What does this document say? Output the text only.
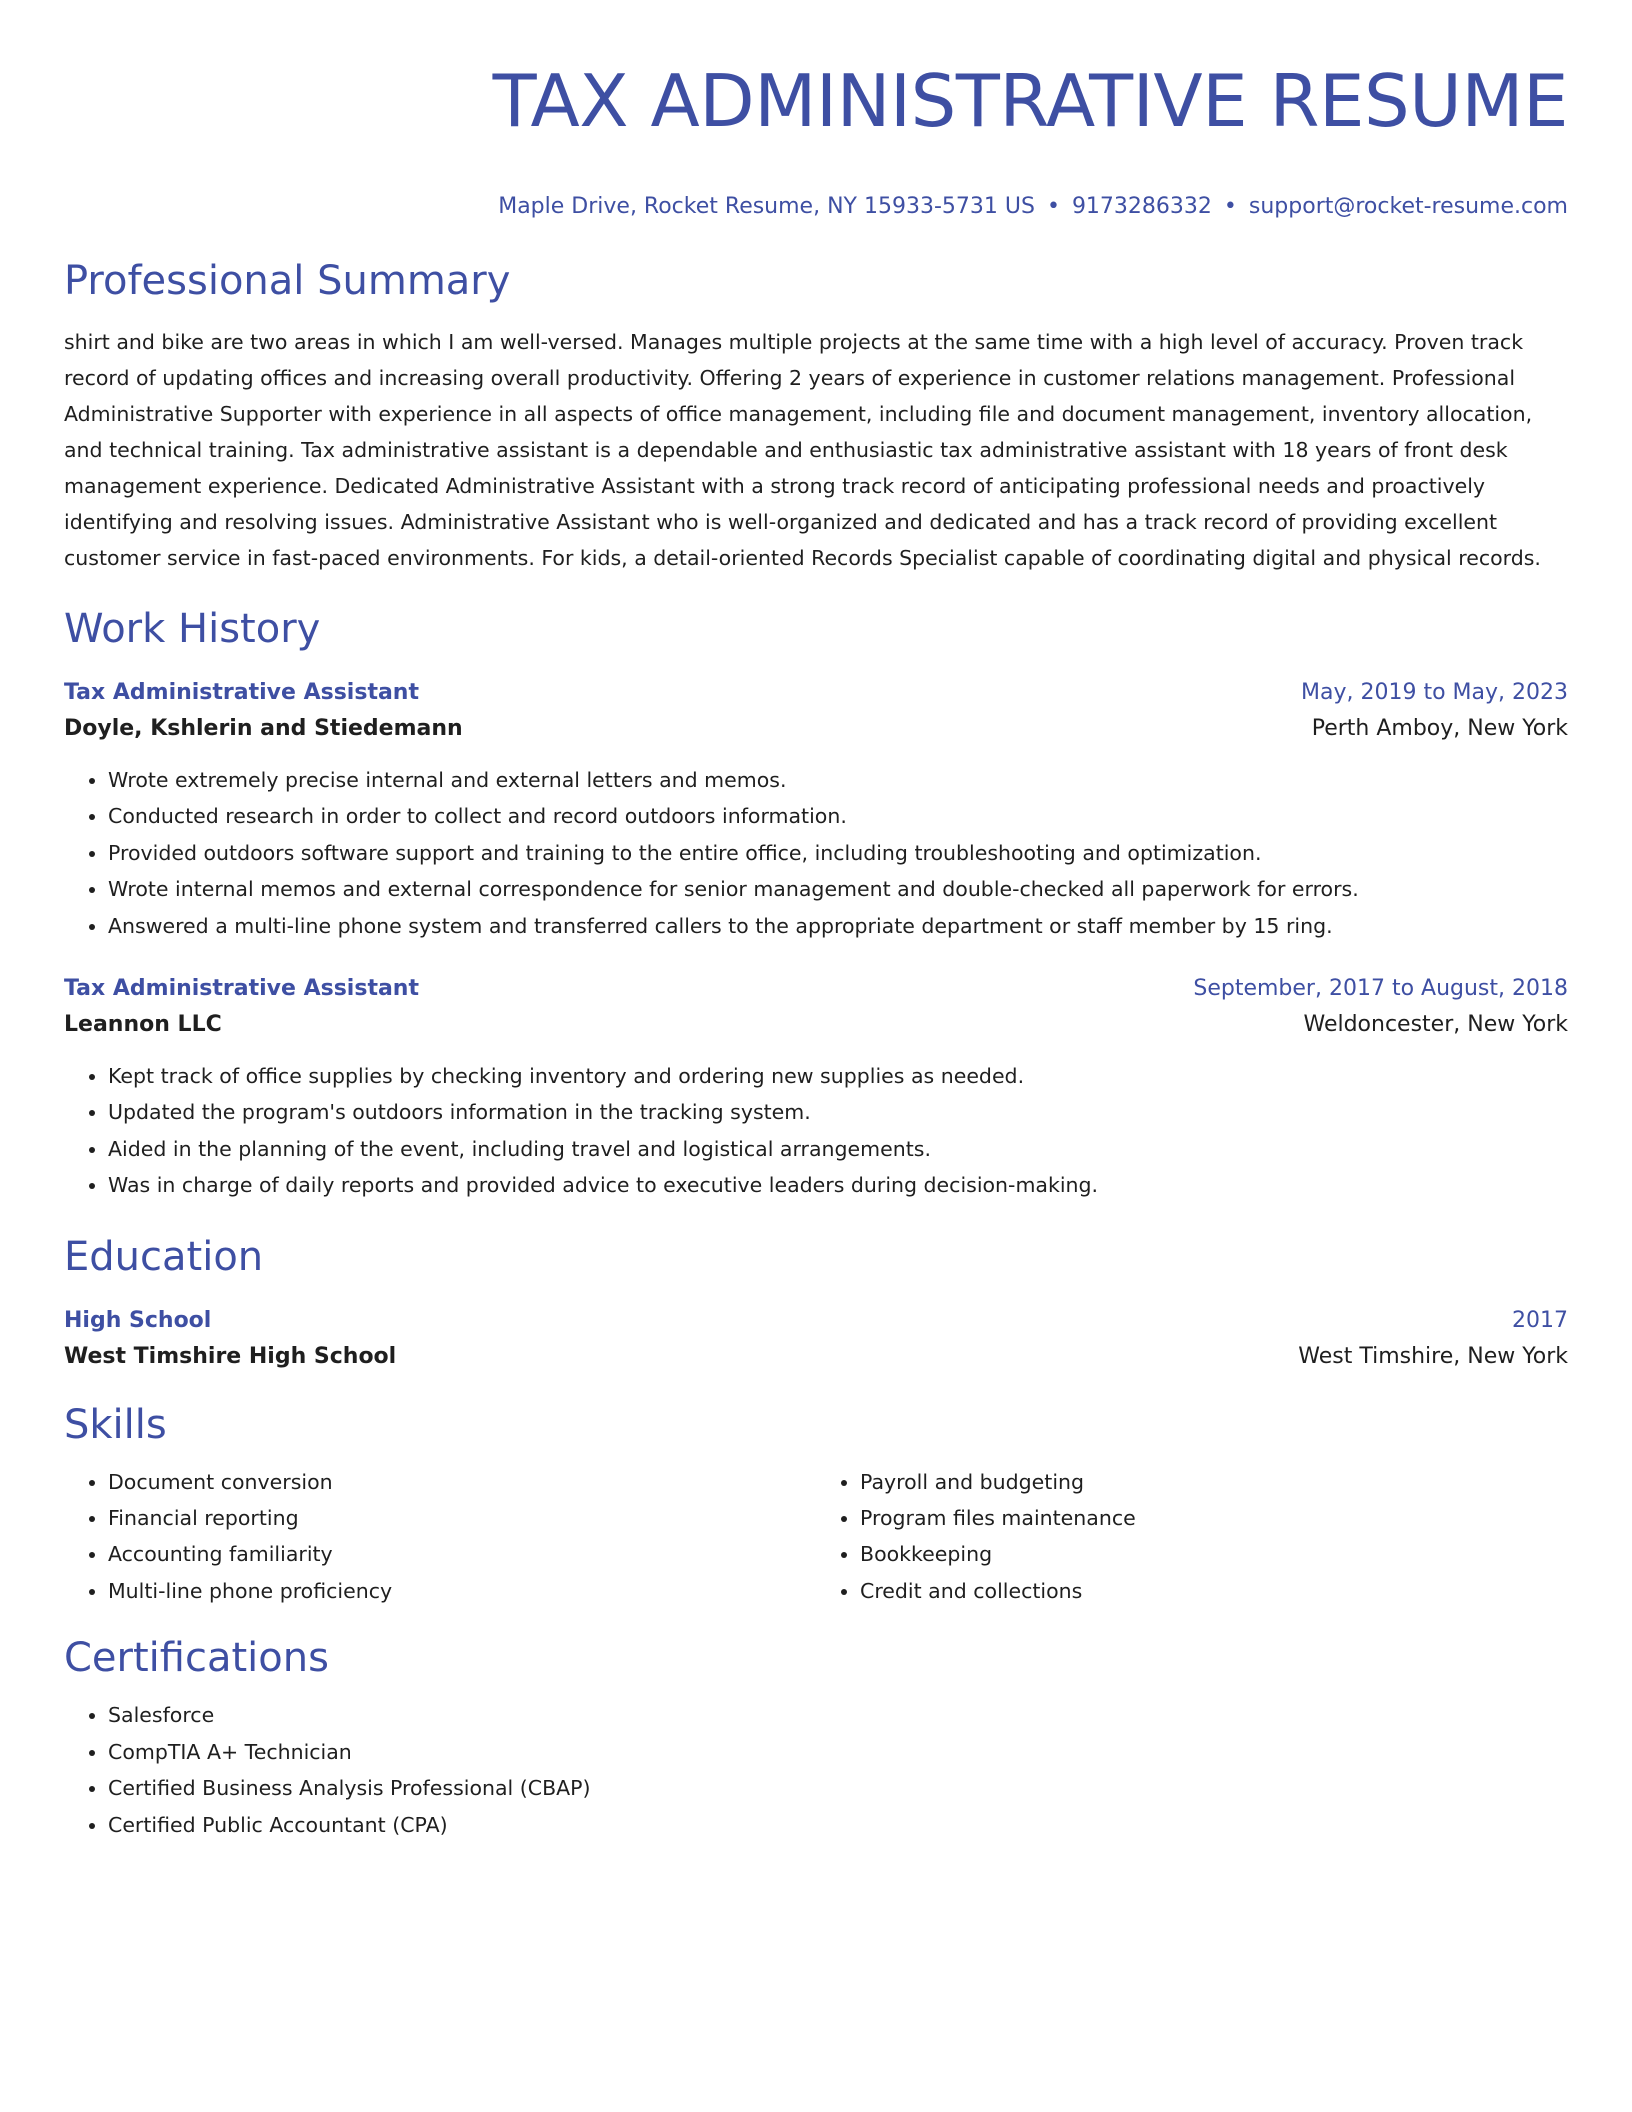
TAX ADMINISTRATIVE RESUME
Maple Drive, Rocket Resume, NY 15933-5731 US • 9173286332 • support@rocket-resume.com
Professional Summary
shirt and bike are two areas in which I am well-versed. Manages multiple projects at the same time with a high level of accuracy. Proven track record of updating offices and increasing overall productivity. Offering 2 years of experience in customer relations management. Professional Administrative Supporter with experience in all aspects of office management, including file and document management, inventory allocation, and technical training. Tax administrative assistant is a dependable and enthusiastic tax administrative assistant with 18 years of front desk management experience. Dedicated Administrative Assistant with a strong track record of anticipating professional needs and proactively identifying and resolving issues. Administrative Assistant who is well-organized and dedicated and has a track record of providing excellent customer service in fast-paced environments. For kids, a detail-oriented Records Specialist capable of coordinating digital and physical records.
Work History
Tax Administrative Assistant	May, 2019 to May, 2023
Doyle, Kshlerin and Stiedemann	Perth Amboy, New York
• Wrote extremely precise internal and external letters and memos.
• Conducted research in order to collect and record outdoors information.
• Provided outdoors software support and training to the entire office, including troubleshooting and optimization.
• Wrote internal memos and external correspondence for senior management and double-checked all paperwork for errors.
• Answered a multi-line phone system and transferred callers to the appropriate department or staff member by 15 ring.
Tax Administrative Assistant	September, 2017 to August, 2018
Leannon LLC	Weldoncester, New York
• Kept track of office supplies by checking inventory and ordering new supplies as needed.
• Updated the program's outdoors information in the tracking system.
• Aided in the planning of the event, including travel and logistical arrangements.
• Was in charge of daily reports and provided advice to executive leaders during decision-making.
Education
High School	2017
West Timshire High School	West Timshire, New York
Skills
• Document conversion
• Financial reporting
• Accounting familiarity
• Multi-line phone proficiency
• Payroll and budgeting
• Program files maintenance
• Bookkeeping
• Credit and collections
Certifications
• Salesforce
• CompTIA A+ Technician
• Certified Business Analysis Professional (CBAP)
• Certified Public Accountant (CPA)
